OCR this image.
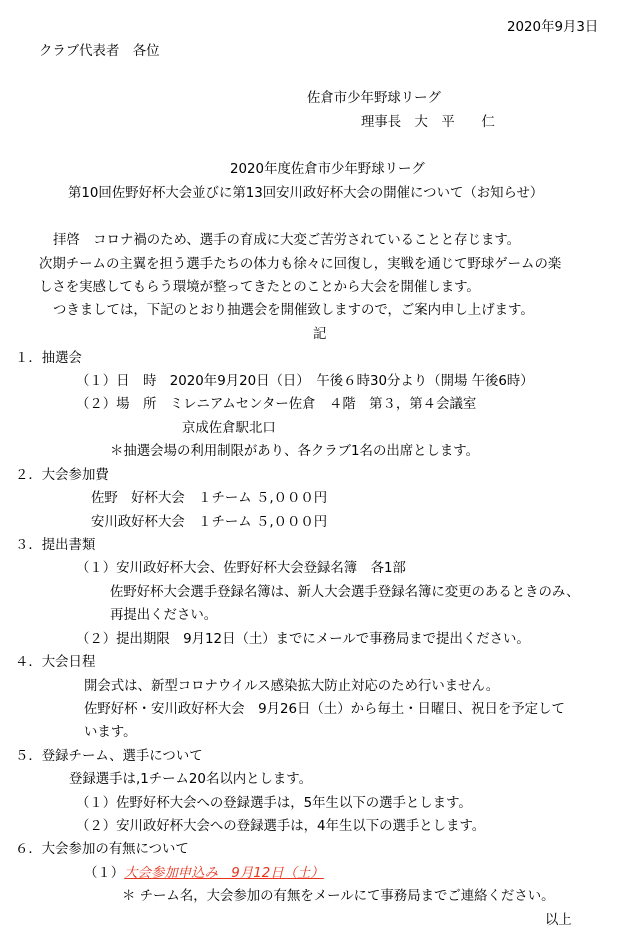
2020年9月3日
クラブ代表者　各位
佐倉市少年野球リーグ
理事長　大　平　　仁
2020年度佐倉市少年野球リーグ
第10回佐野好杯大会並びに第13回安川政好杯大会の開催について（お知らせ）
拝啓　コロナ禍のため、選手の育成に大変ご苦労されていることと存じます。
次期チームの主翼を担う選手たちの体力も徐々に回復し，実戦を通じて野球ゲームの楽
しさを実感してもらう環境が整ってきたとのことから大会を開催します。
つきましては，下記のとおり抽選会を開催致しますので，ご案内申し上げます。
記
１．抽選会
（１）日　時　2020年9月20日（日）　午後６時30分より（開場 午後6時）
（２）場　所　ミレニアムセンター佐倉　４階　第３，第４会議室
京成佐倉駅北口
＊抽選会場の利用制限があり、各クラブ1名の出席とします。
２．大会参加費
佐野　好杯大会　１チーム ５,０００円
安川政好杯大会　１チーム ５,０００円
３．提出書類
（１）安川政好杯大会、佐野好杯大会登録名簿　各1部
佐野好杯大会選手登録名簿は、新人大会選手登録名簿に変更のあるときのみ、
再提出ください。
（２）提出期限　9月12日（土）までにメールで事務局まで提出ください。
４．大会日程
開会式は、新型コロナウイルス感染拡大防止対応のため行いません。
佐野好杯・安川政好杯大会　9月26日（土）から毎土・日曜日、祝日を予定して
います。
５．登録チーム、選手について
登録選手は,1チーム20名以内とします。
（１）佐野好杯大会への登録選手は，5年生以下の選手とします。
（２）安川政好杯大会への登録選手は，4年生以下の選手とします。
６．大会参加の有無について
（１）大会参加申込み　9月12日（土）
＊ チーム名，大会参加の有無をメールにて事務局までご連絡ください。
以上
